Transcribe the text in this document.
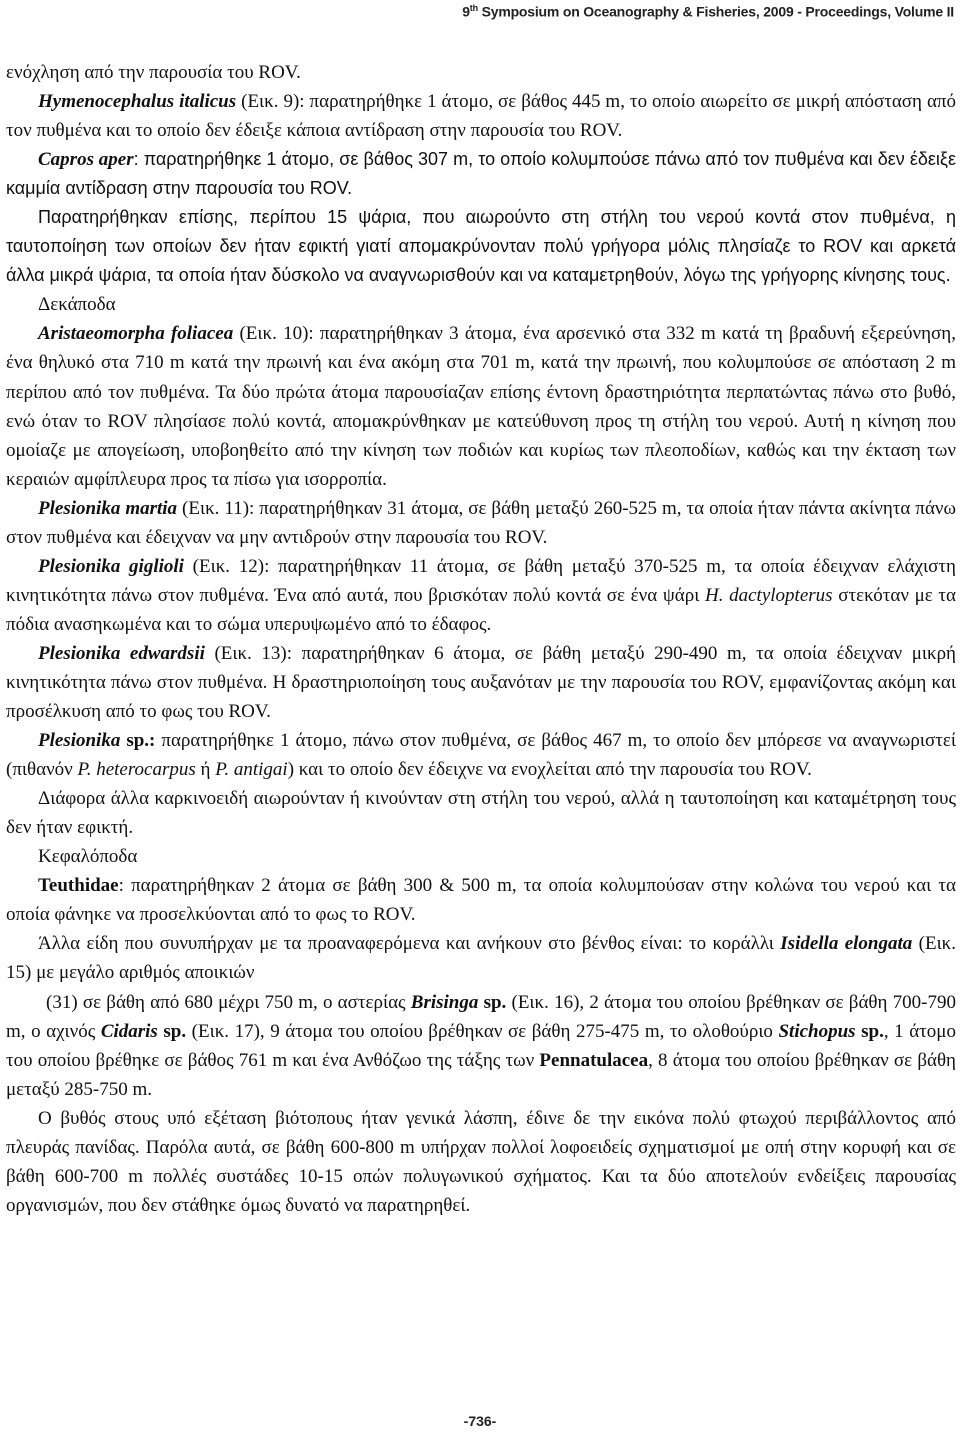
9th Symposium on Oceanography & Fisheries, 2009 - Proceedings, Volume II

ενόχληση από την παρουσία του ROV.

Hymenocephalus italicus (Εικ. 9): παρατηρήθηκε 1 άτομο, σε βάθος 445 m, το οποίο αιωρείτο σε μικρή απόσταση από τον πυθμένα και το οποίο δεν έδειξε κάποια αντίδραση στην παρουσία του ROV.

Capros aper: παρατηρήθηκε 1 άτομο, σε βάθος 307 m, το οποίο κολυμπούσε πάνω από τον πυθμένα και δεν έδειξε καμμία αντίδραση στην παρουσία του ROV.

Παρατηρήθηκαν επίσης, περίπου 15 ψάρια, που αιωρούντο στη στήλη του νερού κοντά στον πυθμένα, η ταυτοποίηση των οποίων δεν ήταν εφικτή γιατί απομακρύνονταν πολύ γρήγορα μόλις πλησίαζε το ROV και αρκετά άλλα μικρά ψάρια, τα οποία ήταν δύσκολο να αναγνωρισθούν και να καταμετρηθούν, λόγω της γρήγορης κίνησης τους.

Δεκάποδα

Aristaeomorpha foliacea (Εικ. 10): παρατηρήθηκαν 3 άτομα, ένα αρσενικό στα 332 m κατά τη βραδυνή εξερεύνηση, ένα θηλυκό στα 710 m κατά την πρωινή και ένα ακόμη στα 701 m, κατά την πρωινή, που κολυμπούσε σε απόσταση 2 m περίπου από τον πυθμένα. Τα δύο πρώτα άτομα παρουσίαζαν επίσης έντονη δραστηριότητα περπατώντας πάνω στο βυθό, ενώ όταν το ROV πλησίασε πολύ κοντά, απομακρύνθηκαν με κατεύθυνση προς τη στήλη του νερού. Αυτή η κίνηση που ομοίαζε με απογείωση, υποβοηθείτο από την κίνηση των ποδιών και κυρίως των πλεοποδίων, καθώς και την έκταση των κεραιών αμφίπλευρα προς τα πίσω για ισορροπία.

Plesionika martia (Εικ. 11): παρατηρήθηκαν 31 άτομα, σε βάθη μεταξύ 260-525 m, τα οποία ήταν πάντα ακίνητα πάνω στον πυθμένα και έδειχναν να μην αντιδρούν στην παρουσία του ROV.

Plesionika giglioli (Εικ. 12): παρατηρήθηκαν 11 άτομα, σε βάθη μεταξύ 370-525 m, τα οποία έδειχναν ελάχιστη κινητικότητα πάνω στον πυθμένα. Ένα από αυτά, που βρισκόταν πολύ κοντά σε ένα ψάρι H. dactylopterus στεκόταν με τα πόδια ανασηκωμένα και το σώμα υπερυψωμένο από το έδαφος.

Plesionika edwardsii (Εικ. 13): παρατηρήθηκαν 6 άτομα, σε βάθη μεταξύ 290-490 m, τα οποία έδειχναν μικρή κινητικότητα πάνω στον πυθμένα. Η δραστηριοποίηση τους αυξανόταν με την παρουσία του ROV, εμφανίζοντας ακόμη και προσέλκυση από το φως του ROV.

Plesionika sp.: παρατηρήθηκε 1 άτομο, πάνω στον πυθμένα, σε βάθος 467 m, το οποίο δεν μπόρεσε να αναγνωριστεί (πιθανόν P. heterocarpus ή P. antigai) και το οποίο δεν έδειχνε να ενοχλείται από την παρουσία του ROV.

Διάφορα άλλα καρκινοειδή αιωρούνταν ή κινούνταν στη στήλη του νερού, αλλά η ταυτοποίηση και καταμέτρηση τους δεν ήταν εφικτή.

Κεφαλόποδα

Teuthidae: παρατηρήθηκαν 2 άτομα σε βάθη 300 & 500 m, τα οποία κολυμπούσαν στην κολώνα του νερού και τα οποία φάνηκε να προσελκύονται από το φως το ROV.

Άλλα είδη που συνυπήρχαν με τα προαναφερόμενα και ανήκουν στο βένθος είναι: το κοράλλι Isidella elongata (Εικ. 15) με μεγάλο αριθμός αποικιών

(31) σε βάθη από 680 μέχρι 750 m, ο αστερίας Brisinga sp. (Εικ. 16), 2 άτομα του οποίου βρέθηκαν σε βάθη 700-790 m, ο αχινός Cidaris sp. (Εικ. 17), 9 άτομα του οποίου βρέθηκαν σε βάθη 275-475 m, το ολοθούριο Stichopus sp., 1 άτομο του οποίου βρέθηκε σε βάθος 761 m και ένα Ανθόζωο της τάξης των Pennatulacea, 8 άτομα του οποίου βρέθηκαν σε βάθη μεταξύ 285-750 m.

Ο βυθός στους υπό εξέταση βιότοπους ήταν γενικά λάσπη, έδινε δε την εικόνα πολύ φτωχού περιβάλλοντος από πλευράς πανίδας. Παρόλα αυτά, σε βάθη 600-800 m υπήρχαν πολλοί λοφοειδείς σχηματισμοί με οπή στην κορυφή και σε βάθη 600-700 m πολλές συστάδες 10-15 οπών πολυγωνικού σχήματος. Και τα δύο αποτελούν ενδείξεις παρουσίας οργανισμών, που δεν στάθηκε όμως δυνατό να παρατηρηθεί.

-736-
